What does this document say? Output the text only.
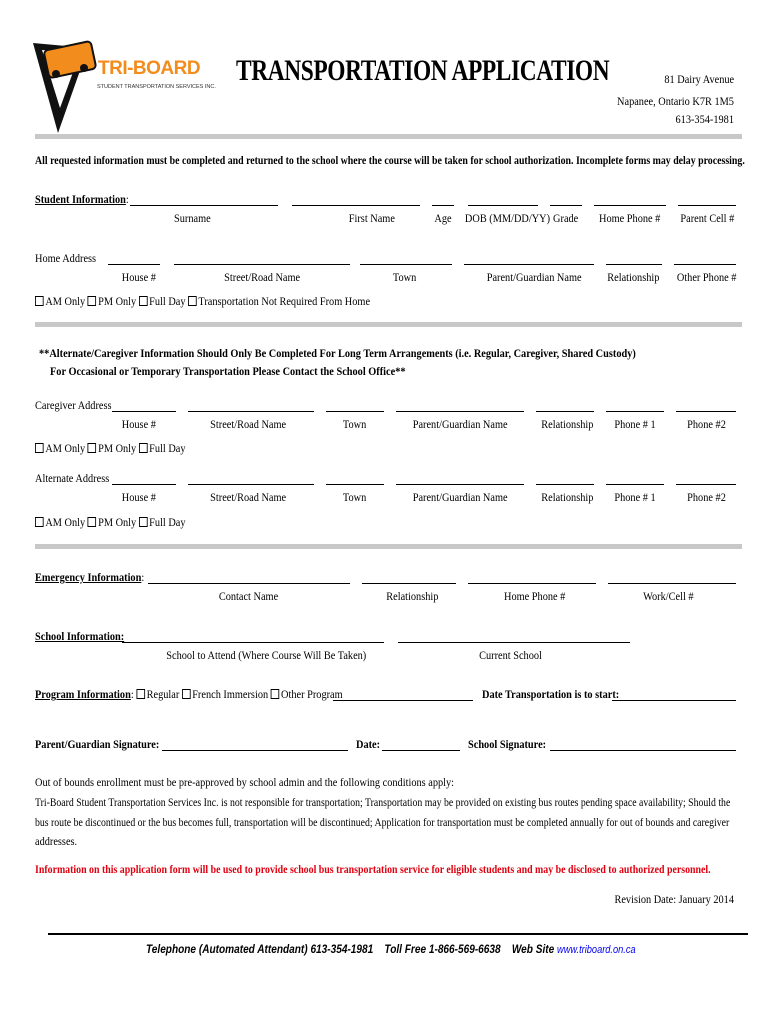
TRI-BOARD
STUDENT TRANSPORTATION SERVICES INC. TRANSPORTATION APPLICATION	81 Dairy Avenue
Napanee, Ontario K7R 1M5
613-354-1981
All requested information must be completed and returned to the school where the course will be taken for school authorization. Incomplete forms may delay processing.
Student Information:
Surname	First Name	Age	DOB (MM/DD/YY) Grade	Home Phone #	Parent Cell #
Home Address
House #	Street/Road Name	Town	Parent/Guardian Name	Relationship	Other Phone #
AM Only PM Only Full Day Transportation Not Required From Home
**Alternate/Caregiver Information Should Only Be Completed For Long Term Arrangements (i.e. Regular, Caregiver, Shared Custody)
For Occasional or Temporary Transportation Please Contact the School Office**
Caregiver Address
House #	Street/Road Name	Town	Parent/Guardian Name	Relationship	Phone # 1	Phone #2
AM Only PM Only Full Day
Alternate Address
House #	Street/Road Name	Town	Parent/Guardian Name	Relationship	Phone # 1	Phone #2
AM Only PM Only Full Day
Emergency Information:
Contact Name	Relationship	Home Phone #	Work/Cell #
School Information:
School to Attend (Where Course Will Be Taken)	Current School
Program Information: Regular French Immersion Other Program	Date Transportation is to start:
Parent/Guardian Signature:	Date:	School Signature:
Out of bounds enrollment must be pre-approved by school admin and the following conditions apply:
Tri-Board Student Transportation Services Inc. is not responsible for transportation; Transportation may be provided on existing bus routes pending space availability; Should the
bus route be discontinued or the bus becomes full, transportation will be discontinued; Application for transportation must be completed annually for out of bounds and caregiver
addresses.
Information on this application form will be used to provide school bus transportation service for eligible students and may be disclosed to authorized personnel.
Revision Date: January 2014
Telephone (Automated Attendant) 613-354-1981 Toll Free 1-866-569-6638 Web Site www.triboard.on.ca
